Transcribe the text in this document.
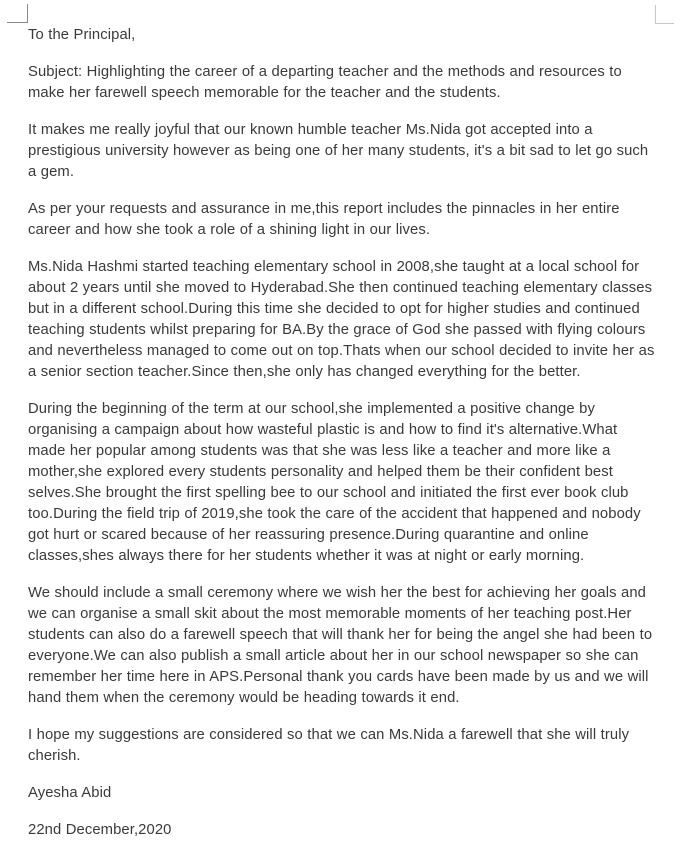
To the Principal,

Subject: Highlighting the career of a departing teacher and the methods and resources to make her farewell speech memorable for the teacher and the students.

It makes me really joyful that our known humble teacher Ms.Nida got accepted into a prestigious university however as being one of her many students, it's a bit sad to let go such a gem.

As per your requests and assurance in me,this report includes the pinnacles in her entire career and how she took a role of a shining light in our lives.

Ms.Nida Hashmi started teaching elementary school in 2008,she taught at a local school for about 2 years until she moved to Hyderabad.She then continued teaching elementary classes but in a different school.During this time she decided to opt for higher studies and continued teaching students whilst preparing for BA.By the grace of God she passed with flying colours and nevertheless managed to come out on top.Thats when our school decided to invite her as a senior section teacher.Since then,she only has changed everything for the better.

During the beginning of the term at our school,she implemented a positive change by organising a campaign about how wasteful plastic is and how to find it's alternative.What made her popular among students was that she was less like a teacher and more like a mother,she explored every students personality and helped them be their confident best selves.She brought the first spelling bee to our school and initiated the first ever book club too.During the field trip of 2019,she took the care of the accident that happened and nobody got hurt or scared because of her reassuring presence.During quarantine and online classes,shes always there for her students whether it was at night or early morning.

We should include a small ceremony where we wish her the best for achieving her goals and we can organise a small skit about the most memorable moments of her teaching post.Her students can also do a farewell speech that will thank her for being the angel she had been to everyone.We can also publish a small article about her in our school newspaper so she can remember her time here in APS.Personal thank you cards have been made by us and we will hand them when the ceremony would be heading towards it end.

I hope my suggestions are considered so that we can Ms.Nida a farewell that she will truly cherish.

Ayesha Abid

22nd December,2020
